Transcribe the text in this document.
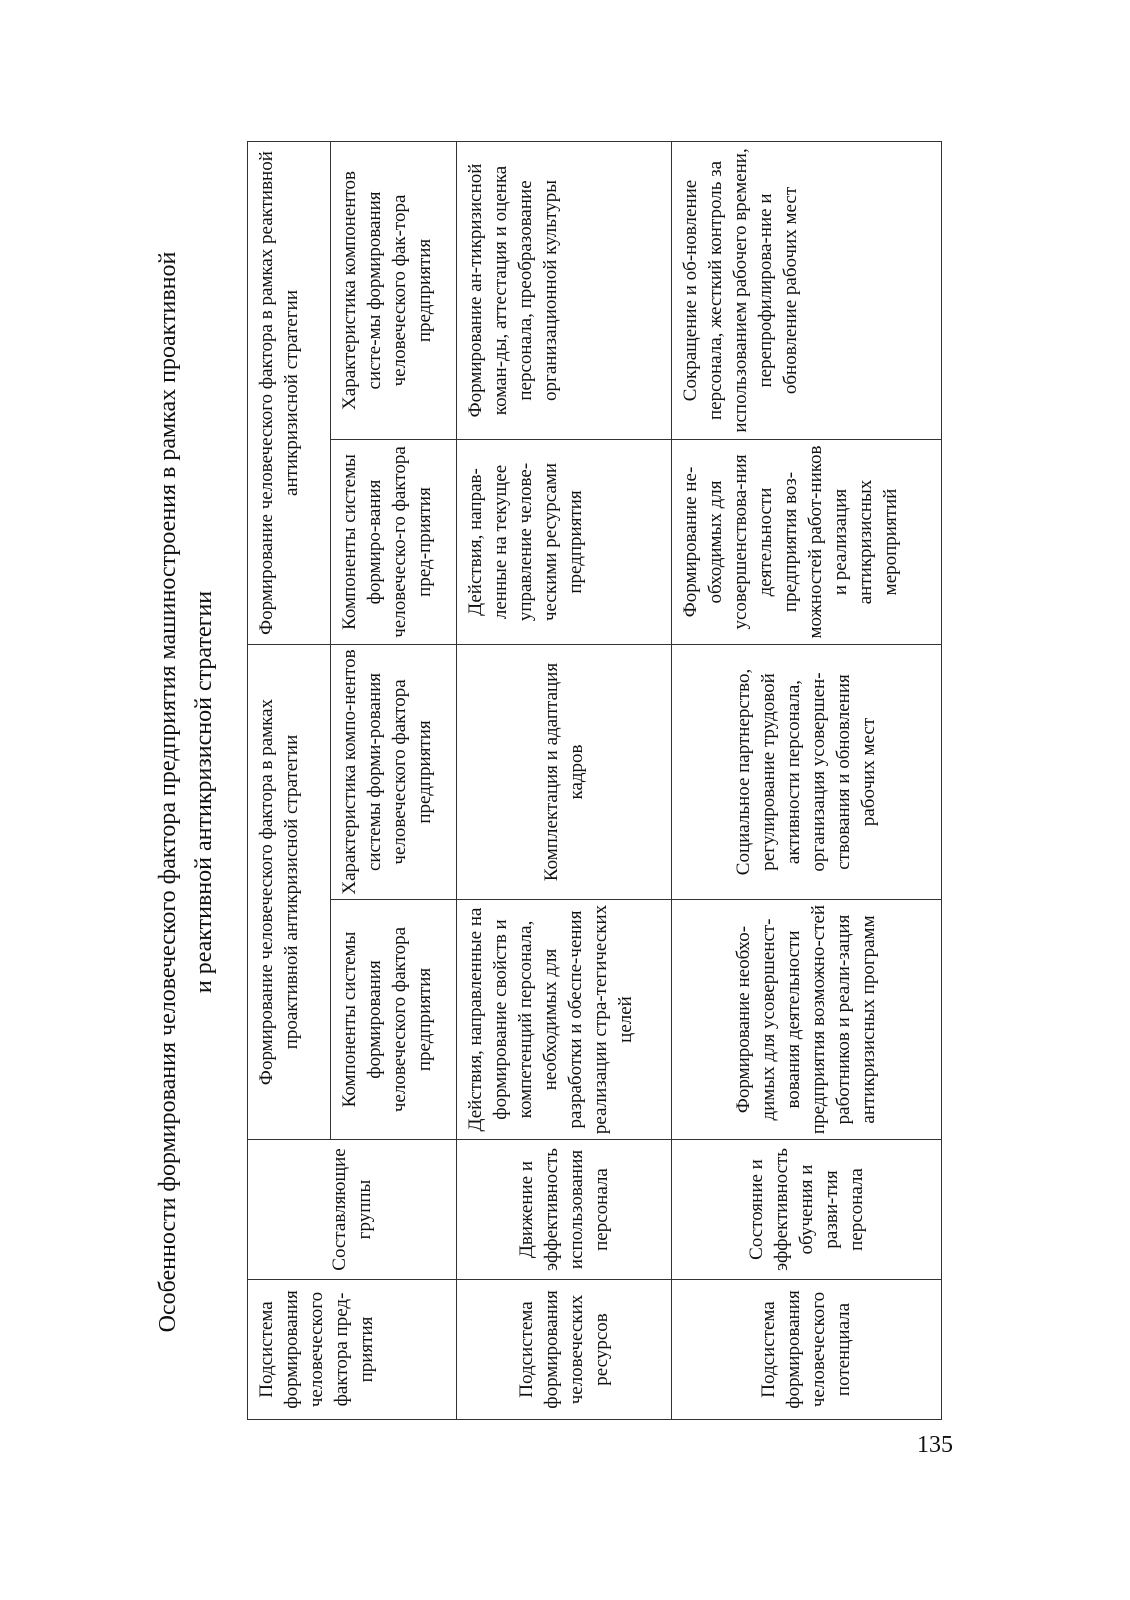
Особенности формирования человеческого фактора предприятия машиностроения в рамках проактивной и реактивной антикризисной стратегии
Подсистема формирования человеческого фактора пред-приятия	Составляющие группы	Формирование человеческого фактора в рамках проактивной антикризисной стратегии		Формирование человеческого фактора в рамках реактивной антикризисной стратегии	
		Компоненты системы формирования человеческого фактора предприятия	Характеристика компо-нентов системы форми-рования человеческого фактора предприятия	Компоненты системы формиро-вания человеческо-го фактора пред-приятия	Характеристика компонентов систе-мы формирования человеческого фак-тора предприятия
Подсистема формирования человеческих ресурсов	Движение и эффективность использования персонала	Действия, направленные на формирование свойств и компетенций персонала, необходимых для разработки и обеспе-чения реализации стра-тегических целей	Комплектация и адаптация кадров	Действия, направ-ленные на текущее управление челове-ческими ресурсами предприятия	Формирование ан-тикризисной коман-ды, аттестация и оценка персонала, преобразование организационной культуры
Подсистема формирования человеческого потенциала	Состояние и эффективность обучения и разви-тия персонала	Формирование необхо-димых для усовершенст-вования деятельности предприятия возможно-стей работников и реали-зация антикризисных программ	Социальное партнерство, регулирование трудовой активности персонала, организация усовершен-ствования и обновления рабочих мест	Формирование не-обходимых для усовершенствова-ния деятельности предприятия воз-можностей работ-ников и реализация антикризисных мероприятий	Сокращение и об-новление персонала, жесткий контроль за использованием рабочего времени, перепрофилирова-ние и обновление рабочих мест
135
